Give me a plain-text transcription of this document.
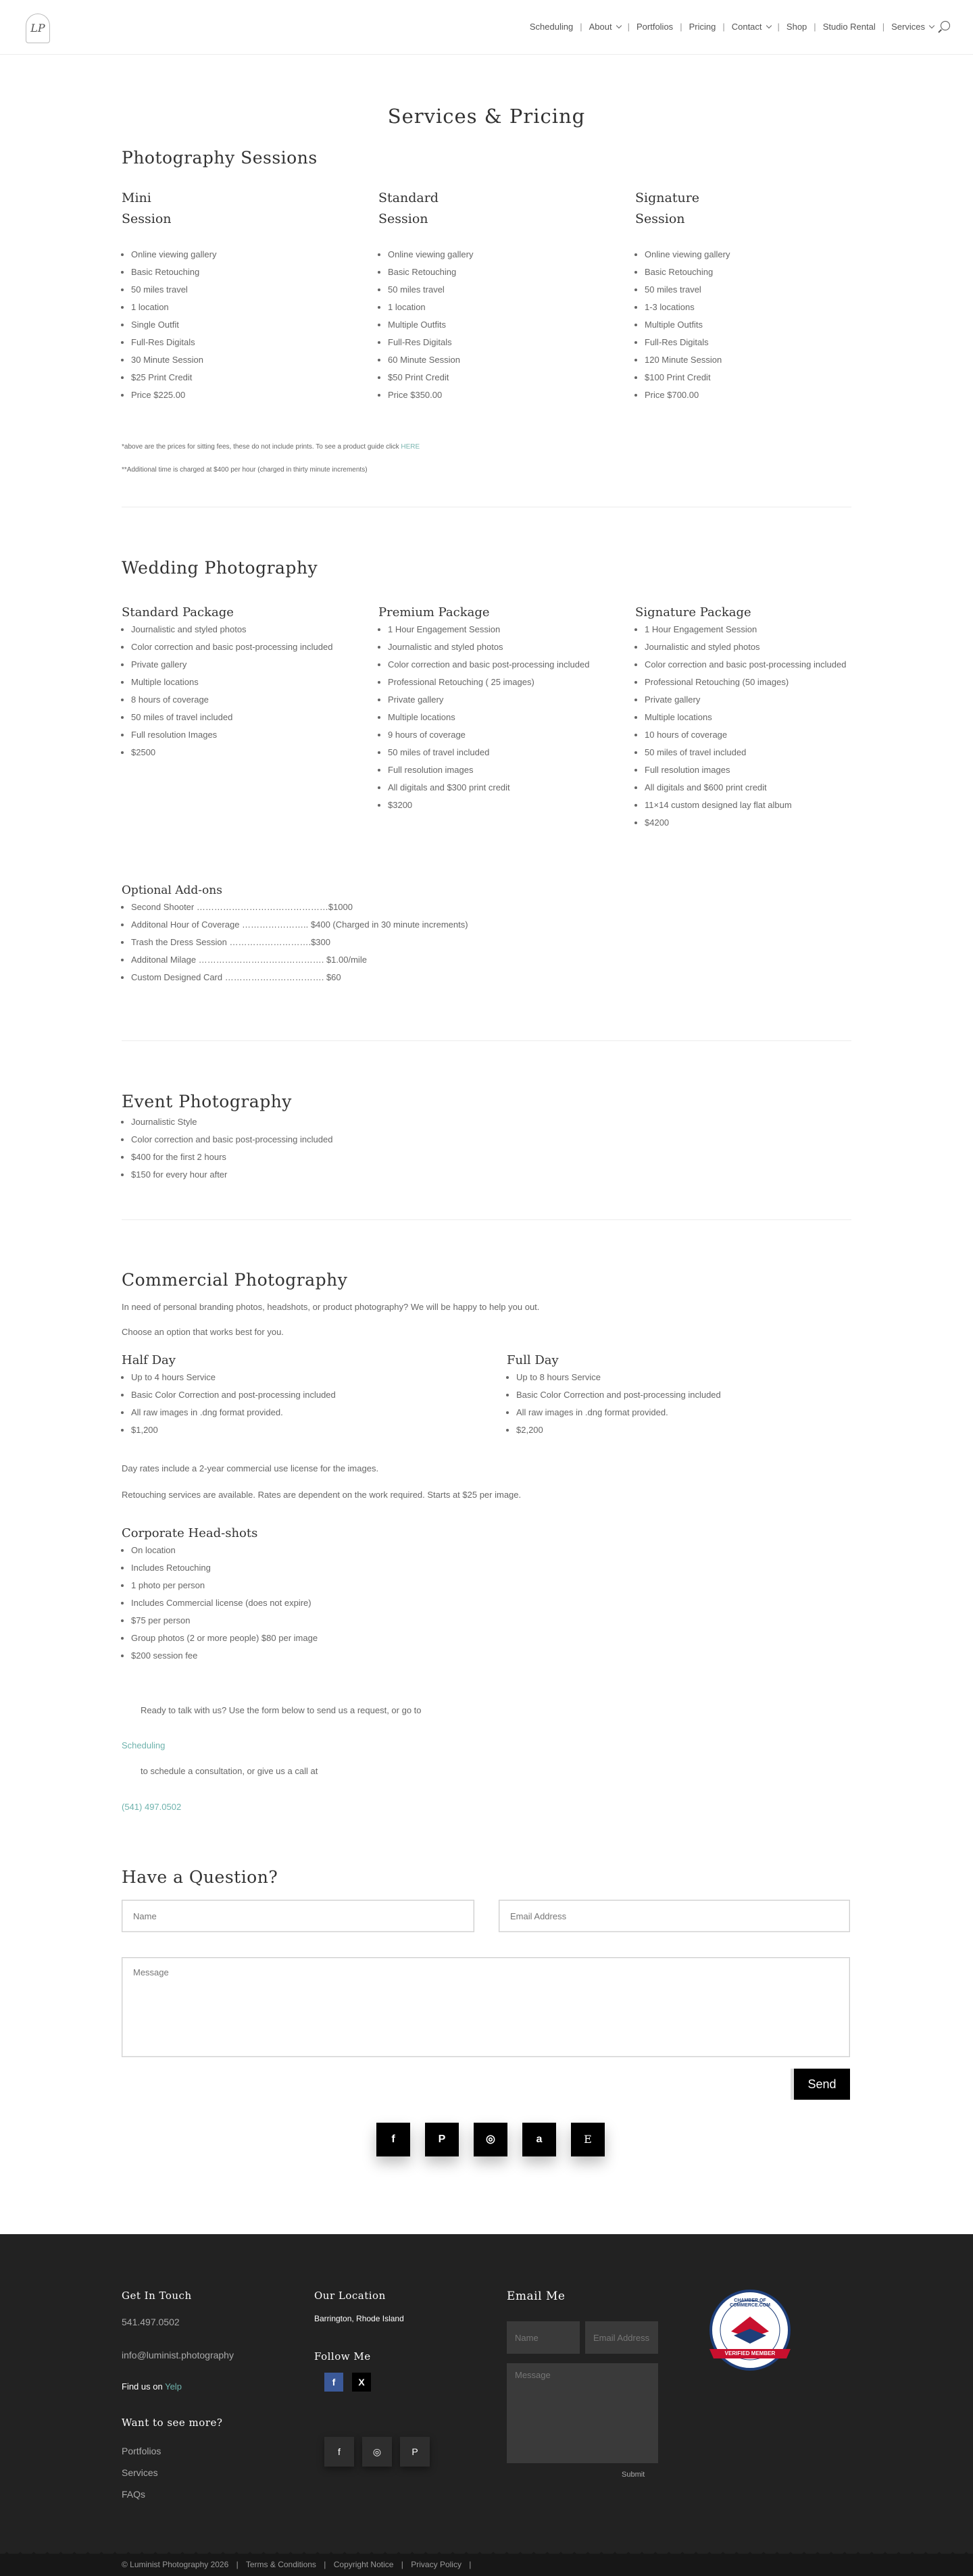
LP	Scheduling | About | Portfolios | Pricing | Contact | Shop | Studio Rental | Services
Services & Pricing
Photography Sessions
Mini
Session
• Online viewing gallery
• Basic Retouching
• 50 miles travel
• 1 location
• Single Outfit
• Full-Res Digitals
• 30 Minute Session
• $25 Print Credit
• Price $225.00
Standard
Session
• Online viewing gallery
• Basic Retouching
• 50 miles travel
• 1 location
• Multiple Outfits
• Full-Res Digitals
• 60 Minute Session
• $50 Print Credit
• Price $350.00
Signature
Session
• Online viewing gallery
• Basic Retouching
• 50 miles travel
• 1-3 locations
• Multiple Outfits
• Full-Res Digitals
• 120 Minute Session
• $100 Print Credit
• Price $700.00
*above are the prices for sitting fees, these do not include prints. To see a product guide click HERE
**Additional time is charged at $400 per hour (charged in thirty minute increments)
Wedding Photography
Standard Package
• Journalistic and styled photos
• Color correction and basic post-processing included
• Private gallery
• Multiple locations
• 8 hours of coverage
• 50 miles of travel included
• Full resolution Images
• $2500
Premium Package
• 1 Hour Engagement Session
• Journalistic and styled photos
• Color correction and basic post-processing included
• Professional Retouching ( 25 images)
• Private gallery
• Multiple locations
• 9 hours of coverage
• 50 miles of travel included
• Full resolution images
• All digitals and $300 print credit
• $3200
Signature Package
• 1 Hour Engagement Session
• Journalistic and styled photos
• Color correction and basic post-processing included
• Professional Retouching (50 images)
• Private gallery
• Multiple locations
• 10 hours of coverage
• 50 miles of travel included
• Full resolution images
• All digitals and $600 print credit
• 11×14 custom designed lay flat album
• $4200
Optional Add-ons
• Second Shooter ………………………………………$1000
• Additonal Hour of Coverage ………………….. $400 (Charged in 30 minute increments)
• Trash the Dress Session ……………………….$300
• Additonal Milage ……………………………………. $1.00/mile
• Custom Designed Card ……………………………. $60
Event Photography
• Journalistic Style
• Color correction and basic post-processing included
• $400 for the first 2 hours
• $150 for every hour after
Commercial Photography

In need of personal branding photos, headshots, or product photography? We will be happy to help you out.

Choose an option that works best for you.

Half Day
• Up to 4 hours Service
• Basic Color Correction and post-processing included
• All raw images in .dng format provided.
• $1,200
Full Day
• Up to 8 hours Service
• Basic Color Correction and post-processing included
• All raw images in .dng format provided.
• $2,200

Day rates include a 2-year commercial use license for the images.

Retouching services are available. Rates are dependent on the work required. Starts at $25 per image.

Corporate Head-shots
• On location
• Includes Retouching
• 1 photo per person
• Includes Commercial license (does not expire)
• $75 per person
• Group photos (2 or more people) $80 per image
• $200 session fee

Ready to talk with us? Use the form below to send us a request, or go to

Scheduling

to schedule a consultation, or give us a call at

(541) 497.0502

Have a Question?
Name
Email Address
Message
Send
f	P	◎	a	E
Get In Touch
541.497.0502
info@luminist.photography
Find us on Yelp
Want to see more?
Portfolios
Services
FAQs
Our Location
Barrington, Rhode Island
Follow Me
f	X
f	◎	P
Email Me
Name
Email Address
Message
Submit
CHAMBER OF COMMERCE.COM
VERIFIED MEMBER
© Luminist Photography 2026 | Terms & Conditions | Copyright Notice | Privacy Policy |
